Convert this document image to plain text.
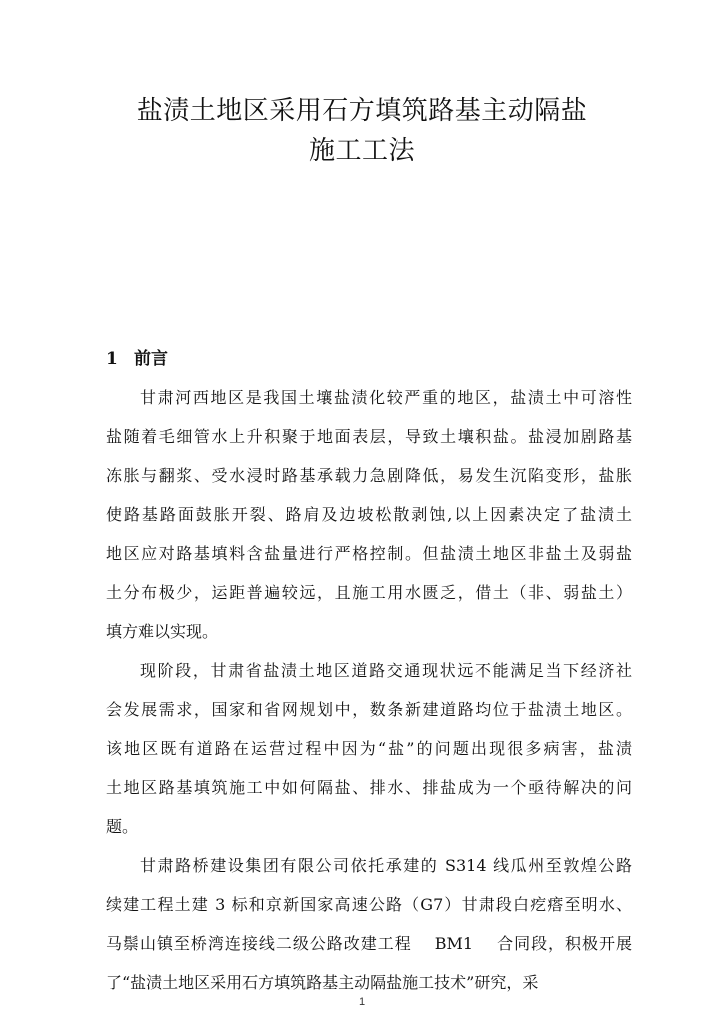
盐渍土地区采用石方填筑路基主动隔盐
施工工法
1 前言
甘肃河西地区是我国土壤盐渍化较严重的地区，盐渍土中可溶性
盐随着毛细管水上升积聚于地面表层，导致土壤积盐。盐浸加剧路基
冻胀与翻浆、受水浸时路基承载力急剧降低，易发生沉陷变形，盐胀
使路基路面鼓胀开裂、路肩及边坡松散剥蚀,以上因素决定了盐渍土
地区应对路基填料含盐量进行严格控制。但盐渍土地区非盐土及弱盐
土分布极少，运距普遍较远，且施工用水匮乏，借土（非、弱盐土）
填方难以实现。
现阶段，甘肃省盐渍土地区道路交通现状远不能满足当下经济社
会发展需求，国家和省网规划中，数条新建道路均位于盐渍土地区。
该地区既有道路在运营过程中因为“盐”的问题出现很多病害，盐渍
土地区路基填筑施工中如何隔盐、排水、排盐成为一个亟待解决的问
题。
甘肃路桥建设集团有限公司依托承建的 S314 线瓜州至敦煌公路
续建工程土建 3 标和京新国家高速公路（G7）甘肃段白疙瘩至明水、
马鬃山镇至桥湾连接线二级公路改建工程　 BM1　 合同段，积极开展
了“盐渍土地区采用石方填筑路基主动隔盐施工技术”研究，采
1
